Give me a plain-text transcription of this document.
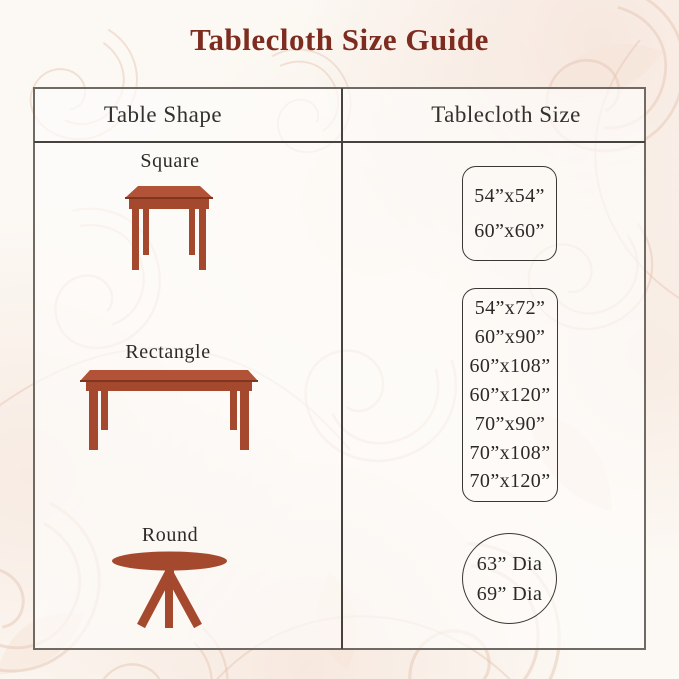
Tablecloth Size Guide
Table Shape	Tablecloth Size
Square
54”x54”
60”x60”
Rectangle
54”x72”
60”x90”
60”x108”
60”x120”
70”x90”
70”x108”
70”x120”
Round
63” Dia
69” Dia
